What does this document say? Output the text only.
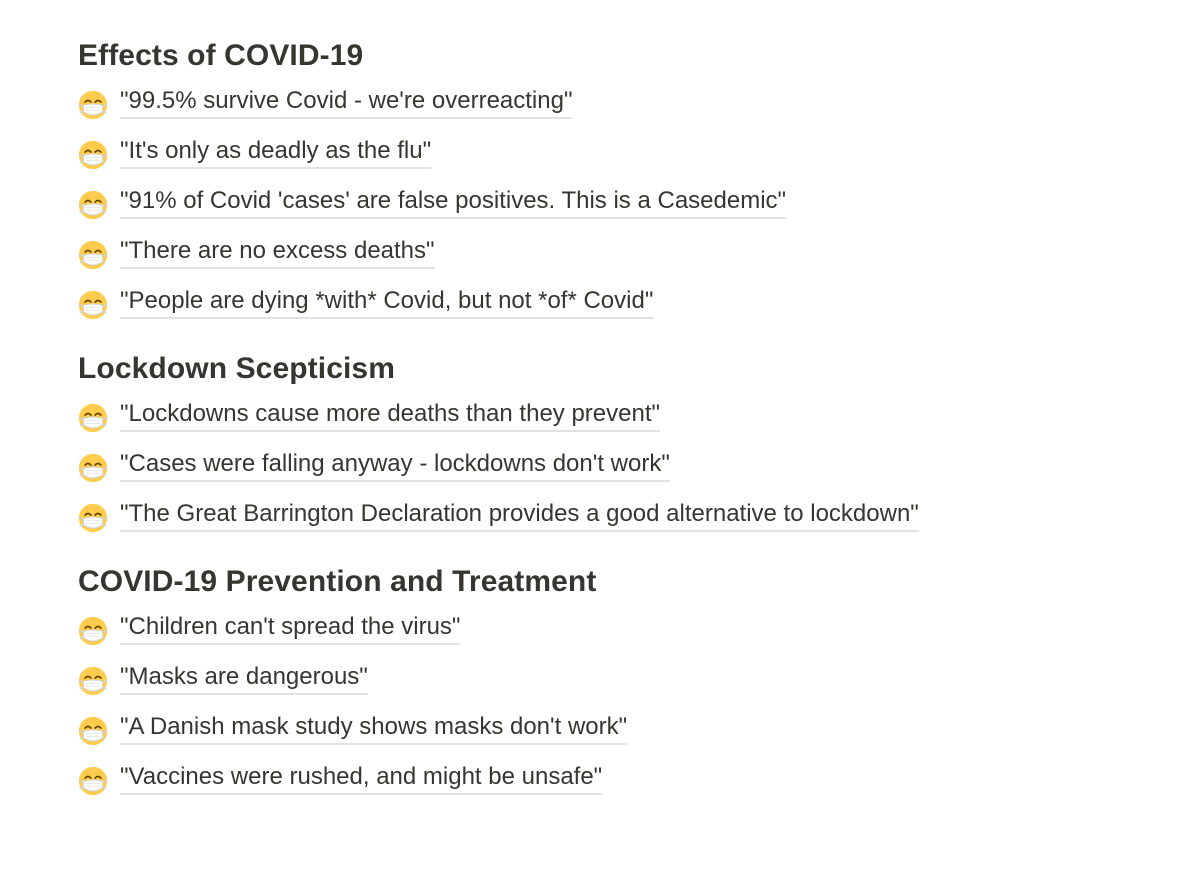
Effects of COVID-19
"99.5% survive Covid - we're overreacting"
"It's only as deadly as the flu"
"91% of Covid 'cases' are false positives. This is a Casedemic"
"There are no excess deaths"
"People are dying *with* Covid, but not *of* Covid"
Lockdown Scepticism
"Lockdowns cause more deaths than they prevent"
"Cases were falling anyway - lockdowns don't work"
"The Great Barrington Declaration provides a good alternative to lockdown"
COVID-19 Prevention and Treatment
"Children can't spread the virus"
"Masks are dangerous"
"A Danish mask study shows masks don't work"
"Vaccines were rushed, and might be unsafe"
